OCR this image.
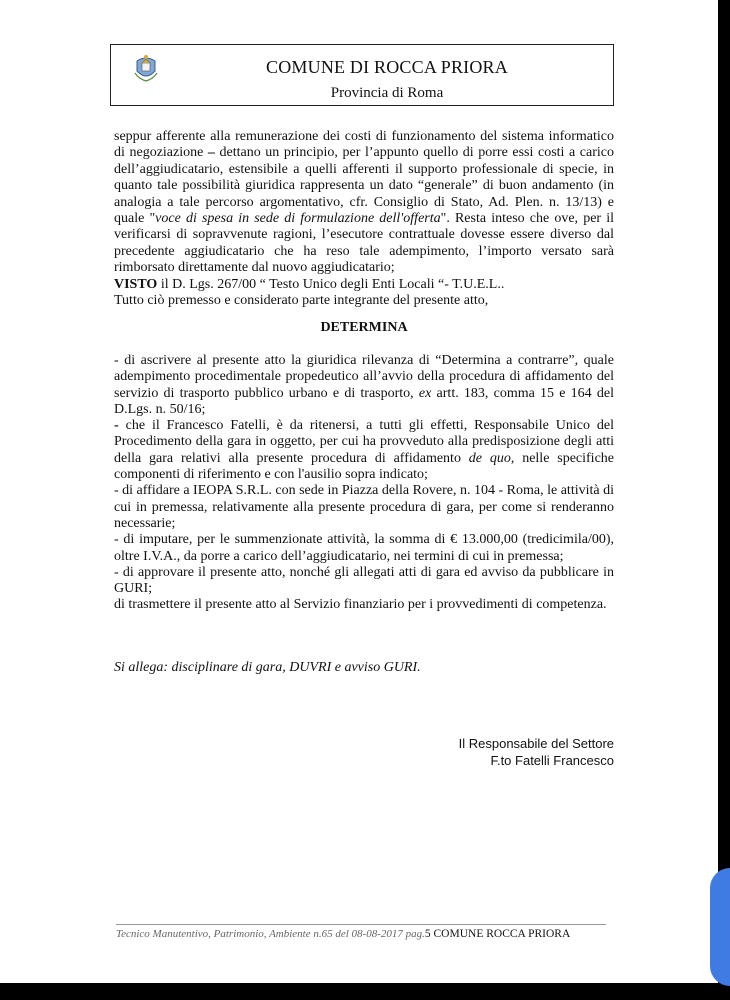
COMUNE DI ROCCA PRIORA
Provincia di Roma

seppur afferente alla remunerazione dei costi di funzionamento del sistema informatico di negoziazione – dettano un principio, per l’appunto quello di porre essi costi a carico dell’aggiudicatario, estensibile a quelli afferenti il supporto professionale di specie, in quanto tale possibilità giuridica rappresenta un dato “generale” di buon andamento (in analogia a tale percorso argomentativo, cfr. Consiglio di Stato, Ad. Plen. n. 13/13) e quale "voce di spesa in sede di formulazione dell'offerta". Resta inteso che ove, per il verificarsi di sopravvenute ragioni, l’esecutore contrattuale dovesse essere diverso dal precedente aggiudicatario che ha reso tale adempimento, l’importo versato sarà rimborsato direttamente dal nuovo aggiudicatario;

VISTO il D. Lgs. 267/00 “ Testo Unico degli Enti Locali “- T.U.E.L..

Tutto ciò premesso e considerato parte integrante del presente atto,

DETERMINA

- di ascrivere al presente atto la giuridica rilevanza di “Determina a contrarre”, quale adempimento procedimentale propedeutico all’avvio della procedura di affidamento del servizio di trasporto pubblico urbano e di trasporto, ex artt. 183, comma 15 e 164 del D.Lgs. n. 50/16;

- che il Francesco Fatelli, è da ritenersi, a tutti gli effetti, Responsabile Unico del Procedimento della gara in oggetto, per cui ha provveduto alla predisposizione degli atti della gara relativi alla presente procedura di affidamento de quo, nelle specifiche componenti di riferimento e con l'ausilio sopra indicato;

- di affidare a IEOPA S.R.L. con sede in Piazza della Rovere, n. 104 - Roma, le attività di cui in premessa, relativamente alla presente procedura di gara, per come si renderanno necessarie;

- di imputare, per le summenzionate attività, la somma di € 13.000,00 (tredicimila/00), oltre I.V.A., da porre a carico dell’aggiudicatario, nei termini di cui in premessa;

- di approvare il presente atto, nonché gli allegati atti di gara ed avviso da pubblicare in GURI;

di trasmettere il presente atto al Servizio finanziario per i provvedimenti di competenza.

Si allega: disciplinare di gara, DUVRI e avviso GURI.
Il Responsabile del Settore
F.to Fatelli Francesco
Tecnico Manutentivo, Patrimonio, Ambiente n.65 del 08-08-2017 pag.5 COMUNE ROCCA PRIORA
